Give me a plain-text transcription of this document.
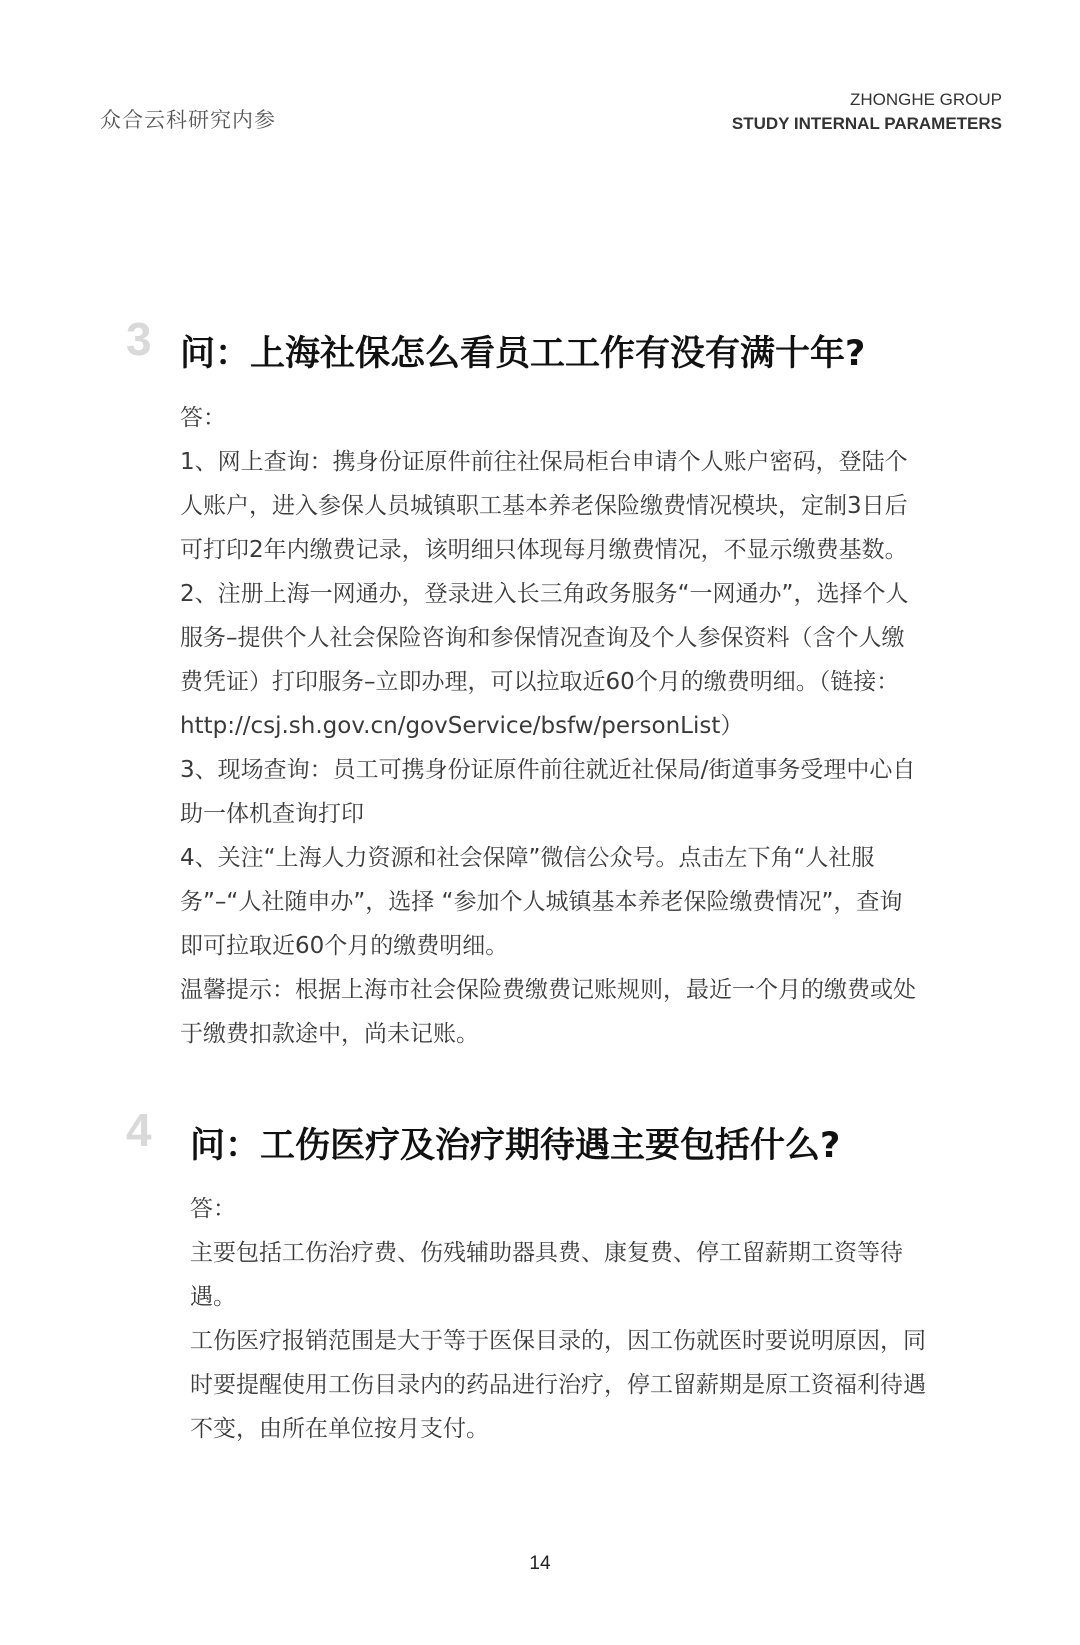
众合云科研究内参
ZHONGHE GROUP
STUDY INTERNAL PARAMETERS
3 问：上海社保怎么看员工工作有没有满十年?

答：

1、网上查询：携身份证原件前往社保局柜台申请个人账户密码，登陆个人账户，进入参保人员城镇职工基本养老保险缴费情况模块，定制3日后可打印2年内缴费记录，该明细只体现每月缴费情况，不显示缴费基数。

2、注册上海一网通办，登录进入长三角政务服务“一网通办”，选择个人服务–提供个人社会保险咨询和参保情况查询及个人参保资料（含个人缴费凭证）打印服务–立即办理，可以拉取近60个月的缴费明细。（链接：http://csj.sh.gov.cn/govService/bsfw/personList）

3、现场查询：员工可携身份证原件前往就近社保局/街道事务受理中心自助一体机查询打印

4、关注“上海人力资源和社会保障”微信公众号。点击左下角“人社服务”–“人社随申办”，选择 “参加个人城镇基本养老保险缴费情况”，查询即可拉取近60个月的缴费明细。

温馨提示：根据上海市社会保险费缴费记账规则，最近一个月的缴费或处于缴费扣款途中，尚未记账。

4 问：工伤医疗及治疗期待遇主要包括什么?

答：

主要包括工伤治疗费、伤残辅助器具费、康复费、停工留薪期工资等待遇。

工伤医疗报销范围是大于等于医保目录的，因工伤就医时要说明原因，同时要提醒使用工伤目录内的药品进行治疗，停工留薪期是原工资福利待遇不变，由所在单位按月支付。

14
